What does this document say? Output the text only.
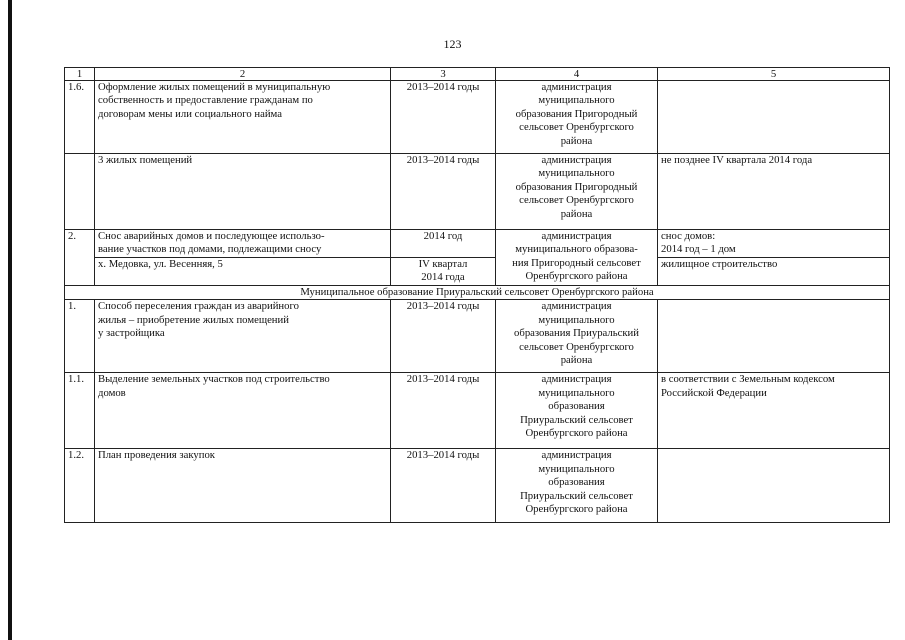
123
1	2	3	4	5
1.6.	Оформление жилых помещений в муниципальную
собственность и предоставление гражданам по
договорам мены или социального найма	2013–2014 годы	администрация
муниципального
образования Пригородный
сельсовет Оренбургского
района	
	3 жилых помещений	2013–2014 годы	администрация
муниципального
образования Пригородный
сельсовет Оренбургского
района	не позднее IV квартала 2014 года
2.	Снос аварийных домов и последующее использо-
вание участков под домами, подлежащими сносу	2014 год	администрация
муниципального образова-
ния Пригородный сельсовет
Оренбургского района	снос домов:
2014 год – 1 дом
	х. Медовка, ул. Весенняя, 5	IV квартал
2014 года		жилищное строительство
Муниципальное образование Приуральский сельсовет Оренбургского района				
1.	Способ переселения граждан из аварийного
жилья – приобретение жилых помещений
у застройщика	2013–2014 годы	администрация
муниципального
образования Приуральский
сельсовет Оренбургского
района	
1.1.	Выделение земельных участков под строительство
домов	2013–2014 годы	администрация
муниципального
образования
Приуральский сельсовет
Оренбургского района	в соответствии с Земельным кодексом
Российской Федерации
1.2.	План проведения закупок	2013–2014 годы	администрация
муниципального
образования
Приуральский сельсовет
Оренбургского района	
